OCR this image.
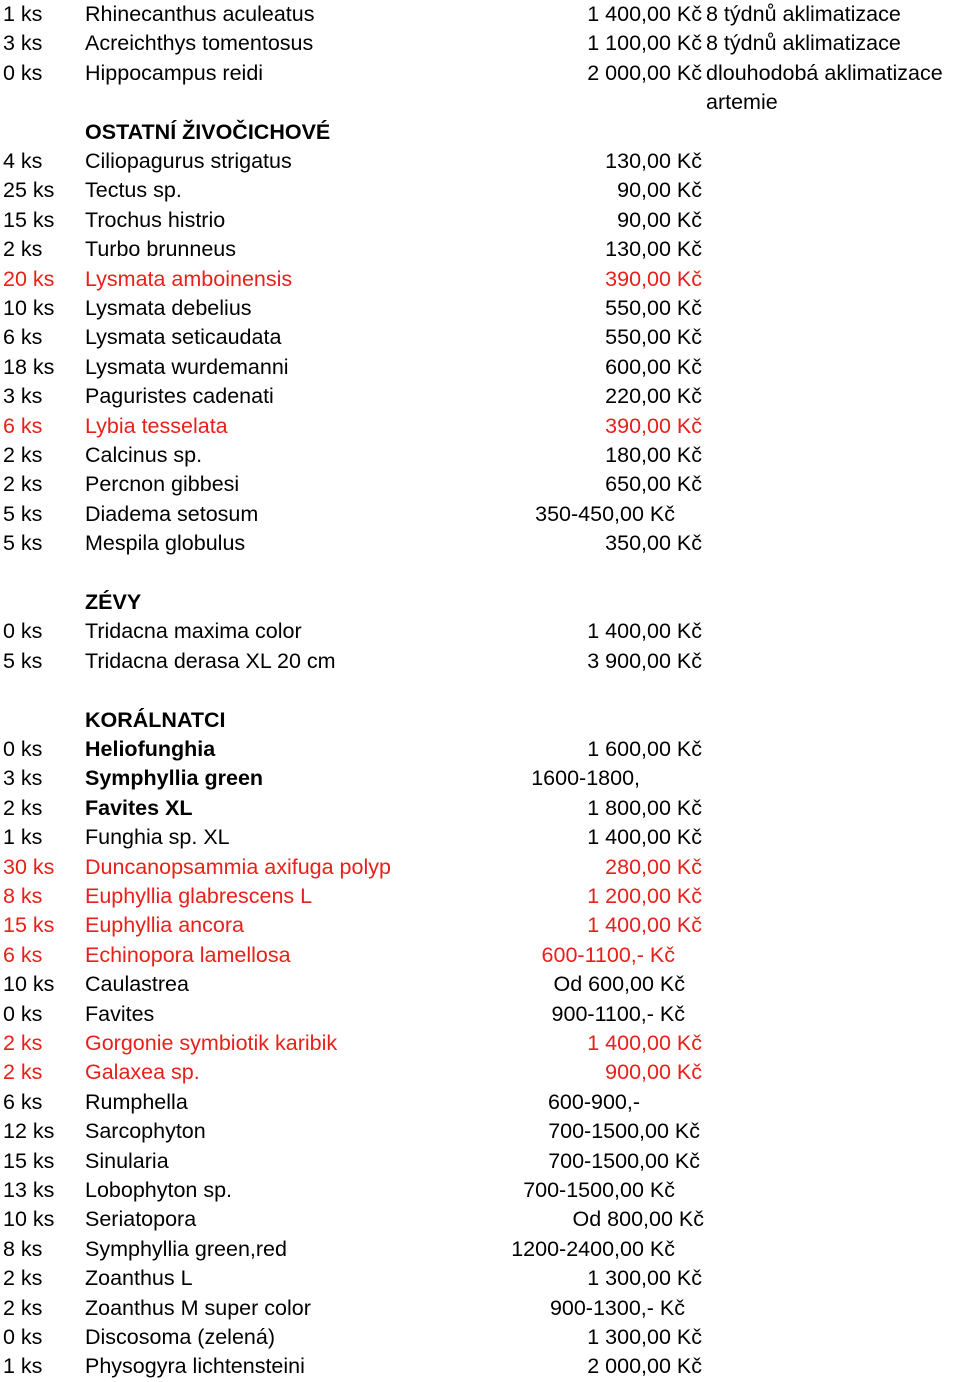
1 ks Rhinecanthus aculeatus	1 400,00 Kč 8 týdnů aklimatizace
3 ks Acreichthys tomentosus	1 100,00 Kč 8 týdnů aklimatizace
0 ks Hippocampus reidi	2 000,00 Kč dlouhodobá aklimatizace
artemie
OSTATNÍ ŽIVOČICHOVÉ
4 ks Ciliopagurus strigatus	130,00 Kč
25 ks Tectus sp.	90,00 Kč
15 ks Trochus histrio	90,00 Kč
2 ks Turbo brunneus	130,00 Kč
20 ks Lysmata amboinensis	390,00 Kč
10 ks Lysmata debelius	550,00 Kč
6 ks Lysmata seticaudata	550,00 Kč
18 ks Lysmata wurdemanni	600,00 Kč
3 ks Paguristes cadenati	220,00 Kč
6 ks Lybia tesselata	390,00 Kč
2 ks Calcinus sp.	180,00 Kč
2 ks Percnon gibbesi	650,00 Kč
5 ks Diadema setosum	350-450,00 Kč
5 ks Mespila globulus	350,00 Kč
ZÉVY
0 ks Tridacna maxima color	1 400,00 Kč
5 ks Tridacna derasa XL 20 cm	3 900,00 Kč
KORÁLNATCI
0 ks Heliofunghia	1 600,00 Kč
3 ks Symphyllia green	1600-1800,
2 ks Favites XL	1 800,00 Kč
1 ks Funghia sp. XL	1 400,00 Kč
30 ks Duncanopsammia axifuga polyp	280,00 Kč
8 ks Euphyllia glabrescens L	1 200,00 Kč
15 ks Euphyllia ancora	1 400,00 Kč
6 ks Echinopora lamellosa	600-1100,- Kč
10 ks Caulastrea	Od 600,00 Kč
0 ks Favites	900-1100,- Kč
2 ks Gorgonie symbiotik karibik	1 400,00 Kč
2 ks Galaxea sp.	900,00 Kč
6 ks Rumphella	600-900,-
12 ks Sarcophyton	700-1500,00 Kč
15 ks Sinularia	700-1500,00 Kč
13 ks Lobophyton sp.	700-1500,00 Kč
10 ks Seriatopora	Od 800,00 Kč
8 ks Symphyllia green,red	1200-2400,00 Kč
2 ks Zoanthus L	1 300,00 Kč
2 ks Zoanthus M super color	900-1300,- Kč
0 ks Discosoma (zelená)	1 300,00 Kč
1 ks Physogyra lichtensteini	2 000,00 Kč
